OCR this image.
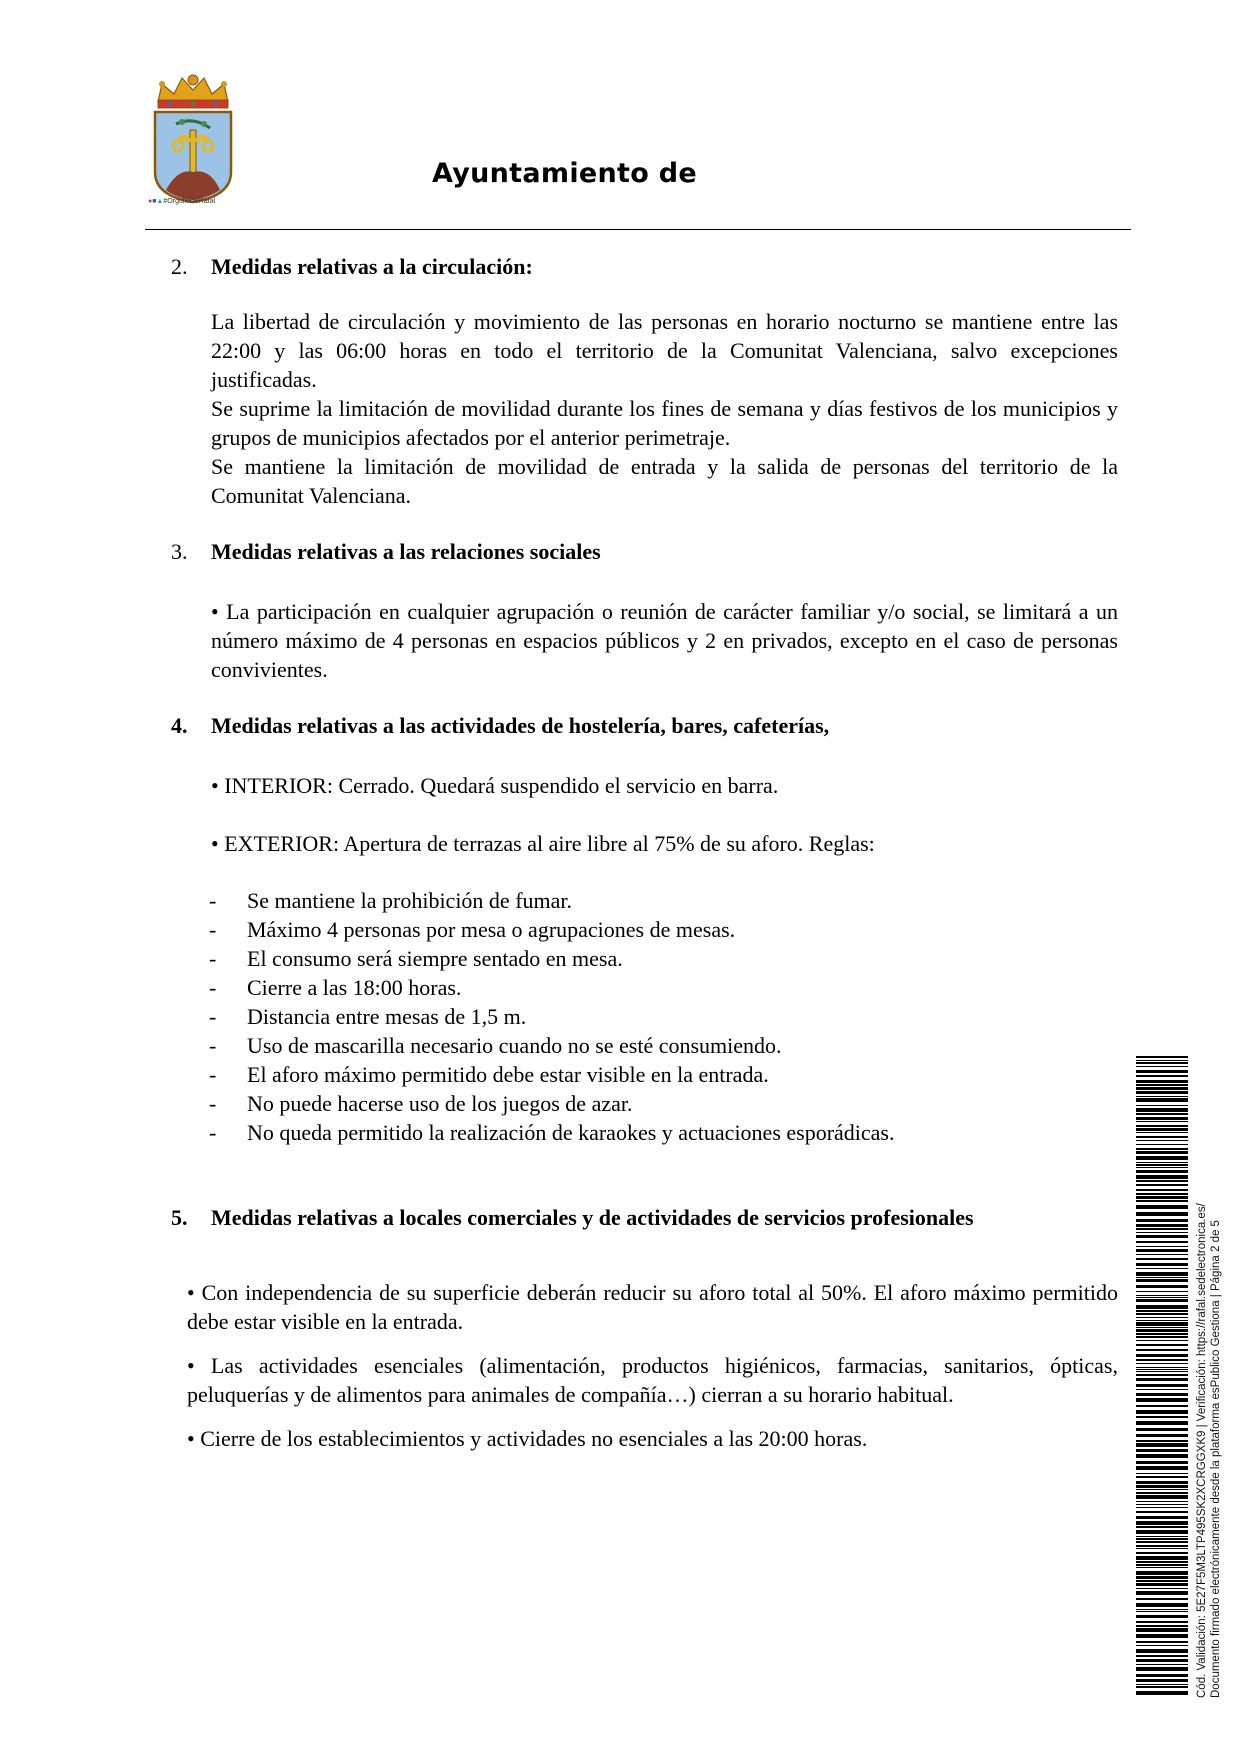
●■▲#OrgulloDeRafal
Ayuntamiento de
2. Medidas relativas a la circulación:

La libertad de circulación y movimiento de las personas en horario nocturno se mantiene entre las 22:00 y las 06:00 horas en todo el territorio de la Comunitat Valenciana, salvo excepciones justificadas.

Se suprime la limitación de movilidad durante los fines de semana y días festivos de los municipios y grupos de municipios afectados por el anterior perimetraje.

Se mantiene la limitación de movilidad de entrada y la salida de personas del territorio de la Comunitat Valenciana.

3. Medidas relativas a las relaciones sociales

• La participación en cualquier agrupación o reunión de carácter familiar y/o social, se limitará a un número máximo de 4 personas en espacios públicos y 2 en privados, excepto en el caso de personas convivientes.

4. Medidas relativas a las actividades de hostelería, bares, cafeterías,

• INTERIOR: Cerrado. Quedará suspendido el servicio en barra.

• EXTERIOR: Apertura de terrazas al aire libre al 75% de su aforo. Reglas:

- Se mantiene la prohibición de fumar.
- Máximo 4 personas por mesa o agrupaciones de mesas.
- El consumo será siempre sentado en mesa.
- Cierre a las 18:00 horas.
- Distancia entre mesas de 1,5 m.
- Uso de mascarilla necesario cuando no se esté consumiendo.
- El aforo máximo permitido debe estar visible en la entrada.
- No puede hacerse uso de los juegos de azar.
- No queda permitido la realización de karaokes y actuaciones esporádicas.
5. Medidas relativas a locales comerciales y de actividades de servicios profesionales

• Con independencia de su superficie deberán reducir su aforo total al 50%. El aforo máximo permitido debe estar visible en la entrada.

• Las actividades esenciales (alimentación, productos higiénicos, farmacias, sanitarios, ópticas, peluquerías y de alimentos para animales de compañía…) cierran a su horario habitual.

• Cierre de los establecimientos y actividades no esenciales a las 20:00 horas.	Cód. Validación: 5E27F5M3LTP495SK2XCRGGXK9 | Verificación: https://rafal.sedelectronica.es/ Documento firmado electrónicamente desde la plataforma esPublico Gestiona | Página 2 de 5
